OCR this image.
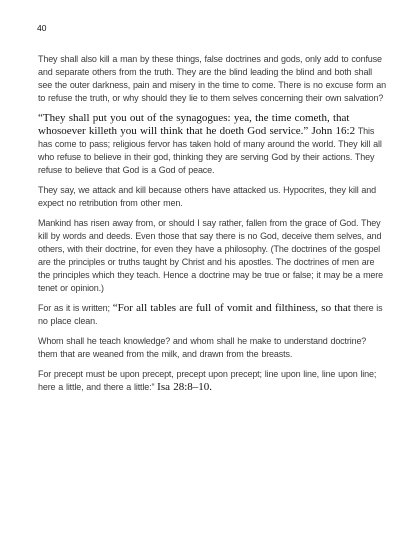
40

They shall also kill a man by these things, false doctrines and gods, only add to confuse and separate others from the truth. They are the blind leading the blind and both shall see the outer darkness, pain and misery in the time to come. There is no excuse form an to refuse the truth, or why should they lie to them selves concerning their own salvation?

“They shall put you out of the synagogues: yea, the time cometh, that whosoever killeth you will think that he doeth God service.” John 16:2 This has come to pass; religious fervor has taken hold of many around the world. They kill all who refuse to believe in their god, thinking they are serving God by their actions. They refuse to believe that God is a God of peace.

They say, we attack and kill because others have attacked us. Hypocrites, they kill and expect no retribution from other men.

Mankind has risen away from, or should I say rather, fallen from the grace of God. They kill by words and deeds. Even those that say there is no God, deceive them selves, and others, with their doctrine, for even they have a philosophy. (The doctrines of the gospel are the principles or truths taught by Christ and his apostles. The doctrines of men are the principles which they teach. Hence a doctrine may be true or false; it may be a mere tenet or opinion.)

For as it is written; “For all tables are full of vomit and filthiness, so that there is no place clean.

Whom shall he teach knowledge? and whom shall he make to understand doctrine? them that are weaned from the milk, and drawn from the breasts.

For precept must be upon precept, precept upon precept; line upon line, line upon line; here a little, and there a little:” Isa 28:8–10.
